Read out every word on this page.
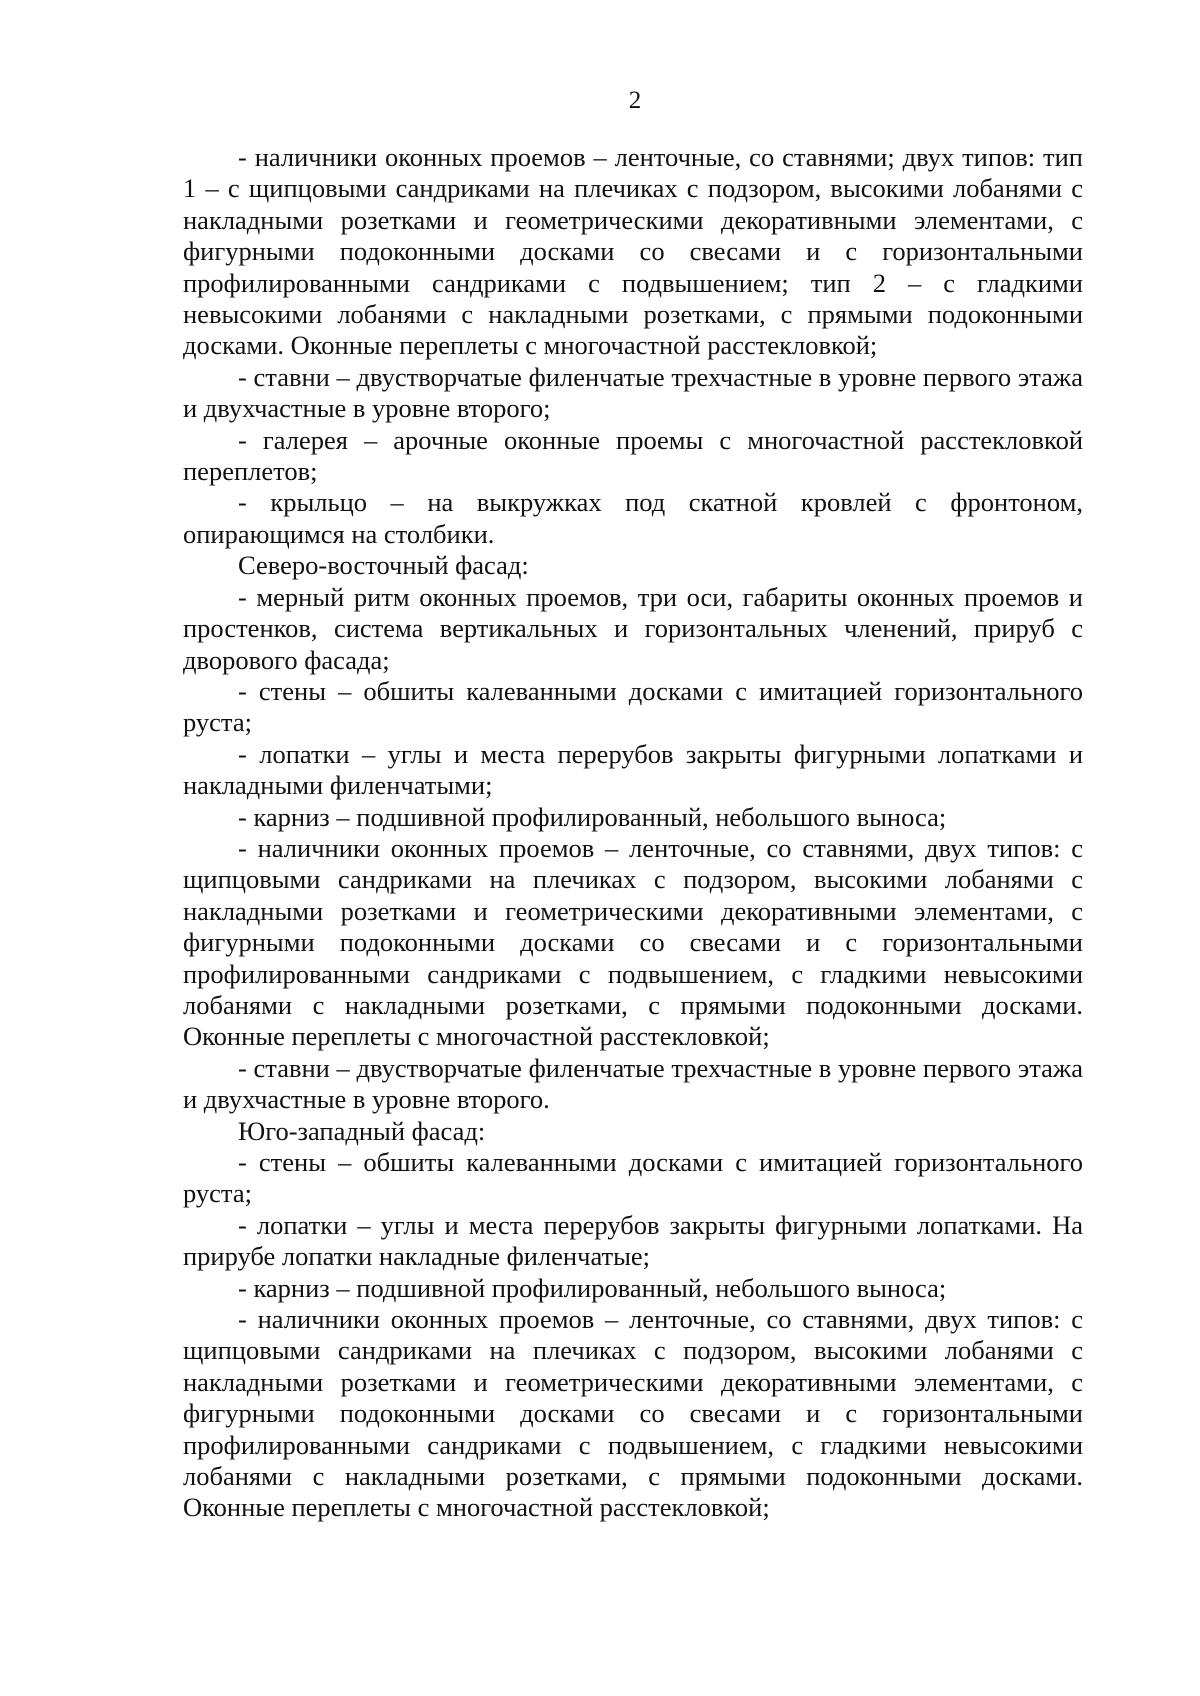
2

- наличники оконных проемов – ленточные, со ставнями; двух типов: тип 1 – с щипцовыми сандриками на плечиках с подзором, высокими лобанями с накладными розетками и геометрическими декоративными элементами, с фигурными подоконными досками со свесами и с горизонтальными профилированными сандриками с подвышением; тип 2 – с гладкими невысокими лобанями с накладными розетками, с прямыми подоконными досками. Оконные переплеты с многочастной расстекловкой;

- ставни – двустворчатые филенчатые трехчастные в уровне первого этажа и двухчастные в уровне второго;

- галерея – арочные оконные проемы с многочастной расстекловкой переплетов;

- крыльцо – на выкружках под скатной кровлей с фронтоном, опирающимся на столбики.

Северо-восточный фасад:

- мерный ритм оконных проемов, три оси, габариты оконных проемов и простенков, система вертикальных и горизонтальных членений, прируб с дворового фасада;

- стены – обшиты калеванными досками с имитацией горизонтального руста;

- лопатки – углы и места перерубов закрыты фигурными лопатками и накладными филенчатыми;

- карниз – подшивной профилированный, небольшого выноса;

- наличники оконных проемов – ленточные, со ставнями, двух типов: с щипцовыми сандриками на плечиках с подзором, высокими лобанями с накладными розетками и геометрическими декоративными элементами, с фигурными подоконными досками со свесами и с горизонтальными профилированными сандриками с подвышением, с гладкими невысокими лобанями с накладными розетками, с прямыми подоконными досками. Оконные переплеты с многочастной расстекловкой;

- ставни – двустворчатые филенчатые трехчастные в уровне первого этажа и двухчастные в уровне второго.

Юго-западный фасад:

- стены – обшиты калеванными досками с имитацией горизонтального руста;

- лопатки – углы и места перерубов закрыты фигурными лопатками. На прирубе лопатки накладные филенчатые;

- карниз – подшивной профилированный, небольшого выноса;

- наличники оконных проемов – ленточные, со ставнями, двух типов: с щипцовыми сандриками на плечиках с подзором, высокими лобанями с накладными розетками и геометрическими декоративными элементами, с фигурными подоконными досками со свесами и с горизонтальными профилированными сандриками с подвышением, с гладкими невысокими лобанями с накладными розетками, с прямыми подоконными досками. Оконные переплеты с многочастной расстекловкой;
